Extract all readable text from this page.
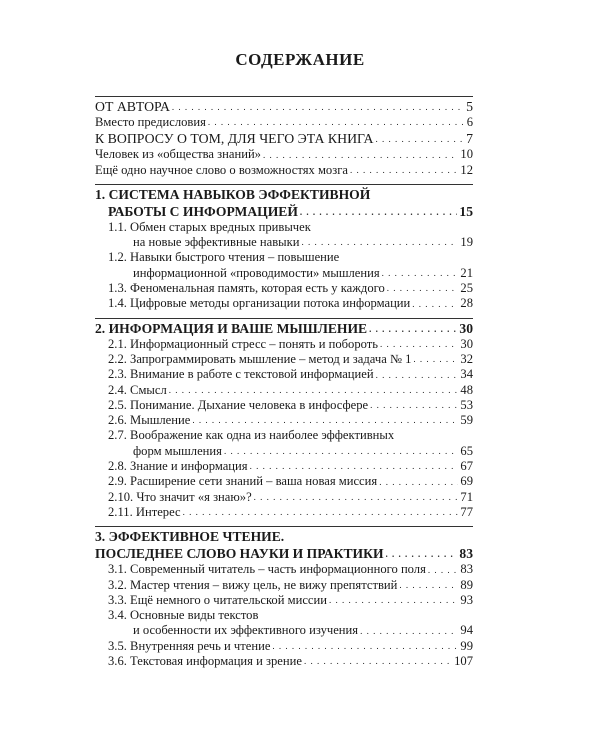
СОДЕРЖАНИЕ
ОТ АВТОРА . . .	5
Вместо предисловия . . .	6
К ВОПРОСУ О ТОМ, ДЛЯ ЧЕГО ЭТА КНИГА . . .	7
Человек из «общества знаний» . . .	10
Ещё одно научное слово о возможностях мозга . . .	12
1. СИСТЕМА НАВЫКОВ ЭФФЕКТИВНОЙ
РАБОТЫ С ИНФОРМАЦИЕЙ . . .	15
1.1. Обмен старых вредных привычек
на новые эффективные навыки . . .	19
1.2. Навыки быстрого чтения – повышение
информационной «проводимости» мышления . . .	21
1.3. Феноменальная память, которая есть у каждого . . .	25
1.4. Цифровые методы организации потока информации . . .	28
2. ИНФОРМАЦИЯ И ВАШЕ МЫШЛЕНИЕ . . .	30
2.1. Информационный стресс – понять и побороть . . .	30
2.2. Запрограммировать мышление – метод и задача № 1 . . .	32
2.3. Внимание в работе с текстовой информацией . . .	34
2.4. Смысл . . .	48
2.5. Понимание. Дыхание человека в инфосфере . . .	53
2.6. Мышление . . .	59
2.7. Воображение как одна из наиболее эффективных
форм мышления . . .	65
2.8. Знание и информация . . .	67
2.9. Расширение сети знаний – ваша новая миссия . . .	69
2.10. Что значит «я знаю»? . . .	71
2.11. Интерес . . .	77
3. ЭФФЕКТИВНОЕ ЧТЕНИЕ.
ПОСЛЕДНЕЕ СЛОВО НАУКИ И ПРАКТИКИ . . .	83
3.1. Современный читатель – часть информационного поля . . .	83
3.2. Мастер чтения – вижу цель, не вижу препятствий . . .	89
3.3. Ещё немного о читательской миссии . . .	93
3.4. Основные виды текстов
и особенности их эффективного изучения . . .	94
3.5. Внутренняя речь и чтение . . .	99
3.6. Текстовая информация и зрение . . .	107
